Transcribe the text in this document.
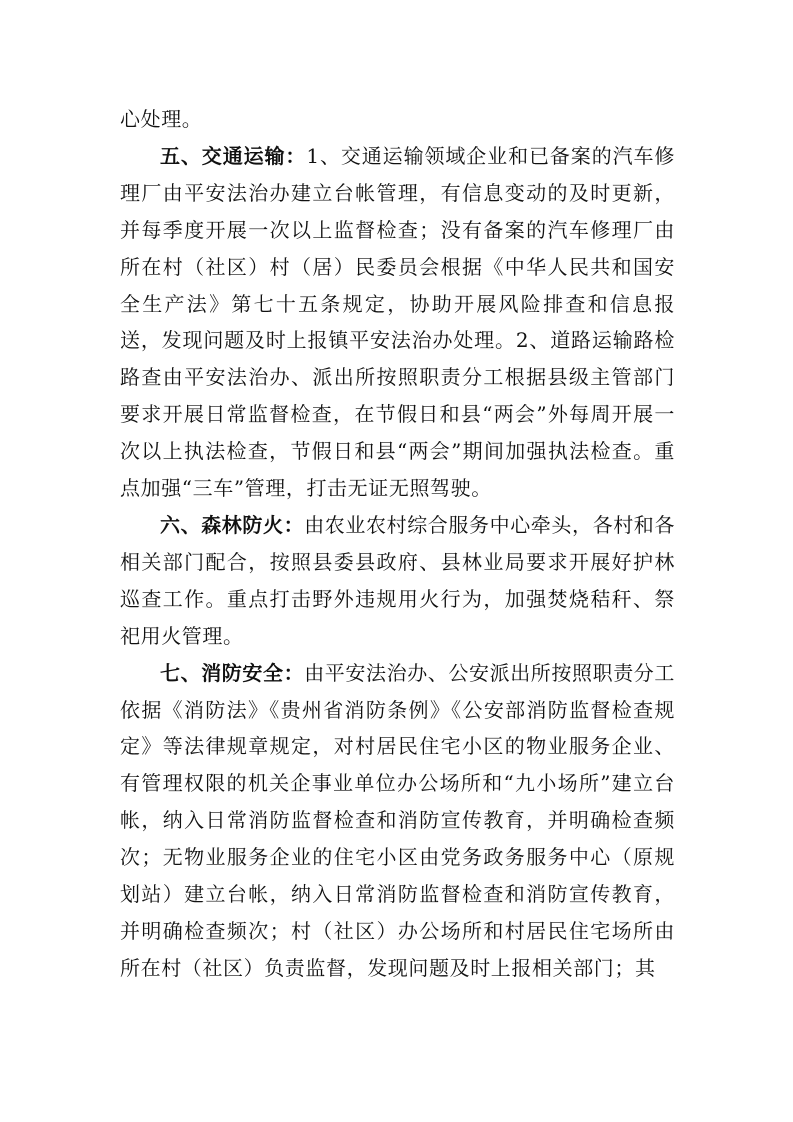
心处理。

五、交通运输：1、交通运输领域企业和已备案的汽车修理厂由平安法治办建立台帐管理，有信息变动的及时更新，并每季度开展一次以上监督检查；没有备案的汽车修理厂由所在村（社区）村（居）民委员会根据《中华人民共和国安全生产法》第七十五条规定，协助开展风险排查和信息报送，发现问题及时上报镇平安法治办处理。2、道路运输路检路查由平安法治办、派出所按照职责分工根据县级主管部门要求开展日常监督检查，在节假日和县“两会”外每周开展一次以上执法检查，节假日和县“两会”期间加强执法检查。重点加强“三车”管理，打击无证无照驾驶。

六、森林防火：由农业农村综合服务中心牵头，各村和各相关部门配合，按照县委县政府、县林业局要求开展好护林巡查工作。重点打击野外违规用火行为，加强焚烧秸秆、祭祀用火管理。

七、消防安全：由平安法治办、公安派出所按照职责分工依据《消防法》《贵州省消防条例》《公安部消防监督检查规定》等法律规章规定，对村居民住宅小区的物业服务企业、有管理权限的机关企事业单位办公场所和“九小场所”建立台帐，纳入日常消防监督检查和消防宣传教育，并明确检查频次；无物业服务企业的住宅小区由党务政务服务中心（原规划站）建立台帐，纳入日常消防监督检查和消防宣传教育，并明确检查频次；村（社区）办公场所和村居民住宅场所由所在村（社区）负责监督，发现问题及时上报相关部门；其
